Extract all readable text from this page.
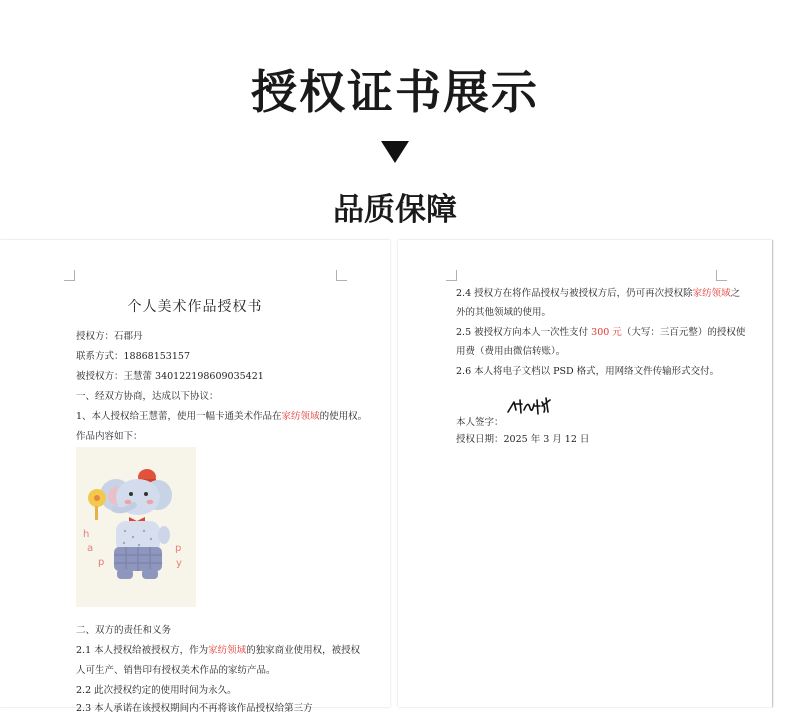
授权证书展示
品质保障
个人美术作品授权书
授权方：石郡丹
联系方式：18868153157
被授权方：王慧蕾 340122198609035421
一、经双方协商，达成以下协议：
1、本人授权给王慧蕾，使用一幅卡通美术作品在家纺领域的使用权。
作品内容如下：
h
a
p
p
y
二、双方的责任和义务
2.1 本人授权给被授权方，作为家纺领域的独家商业使用权，被授权
人可生产、销售印有授权美术作品的家纺产品。
2.2 此次授权约定的使用时间为永久。
2.3 本人承诺在该授权期间内不再将该作品授权给第三方
2.4 授权方在将作品授权与被授权方后，仍可再次授权除家纺领域之
外的其他领域的使用。
2.5 被授权方向本人一次性支付 300 元（大写：三百元整）的授权使
用费（费用由微信转账）。
2.6 本人将电子文档以 PSD 格式，用网络文件传输形式交付。
本人签字：
授权日期：2025 年 3 月 12 日
